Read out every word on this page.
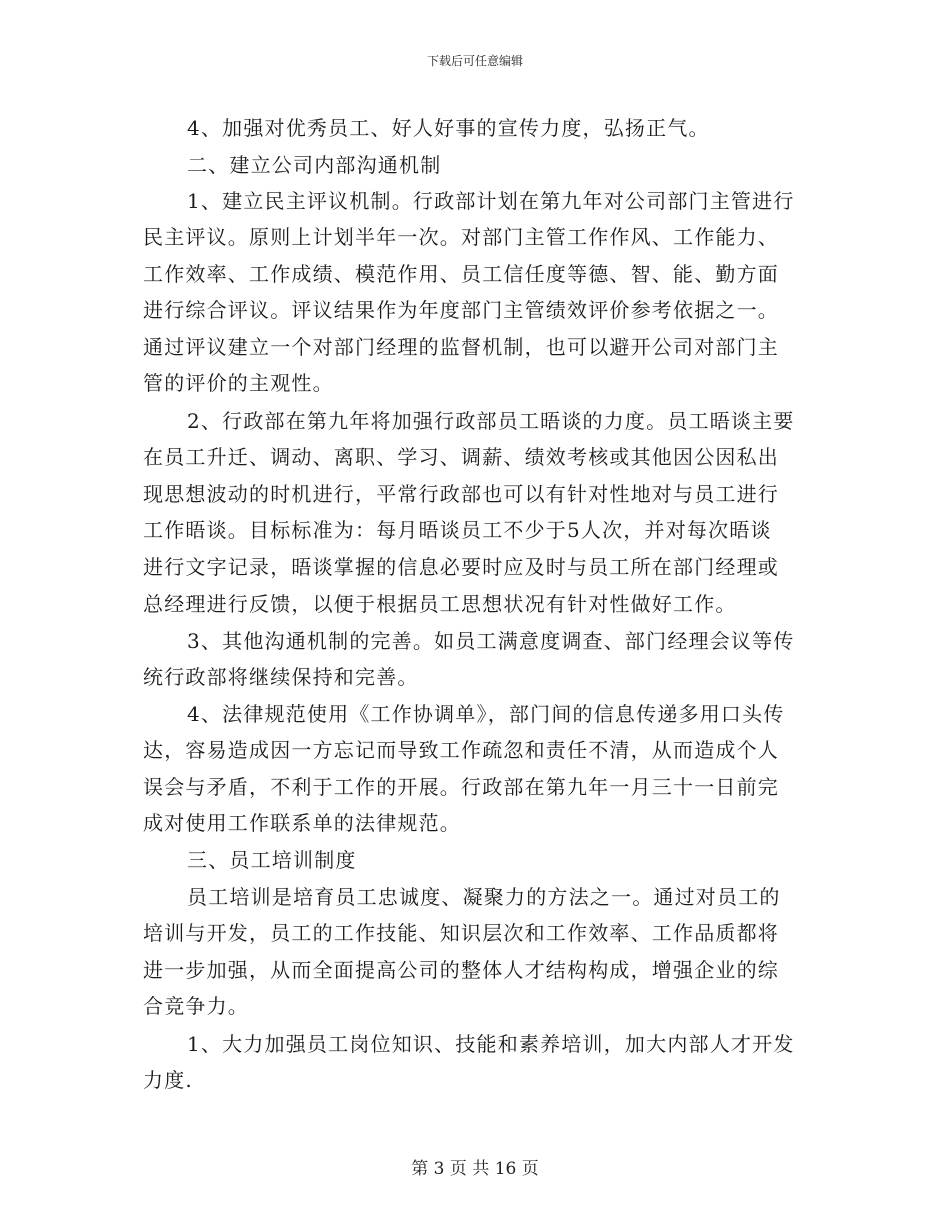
下载后可任意编辑
4、加强对优秀员工、好人好事的宣传力度，弘扬正气。
二、建立公司内部沟通机制
1、建立民主评议机制。行政部计划在第九年对公司部门主管进行
民主评议。原则上计划半年一次。对部门主管工作作风、工作能力、
工作效率、工作成绩、模范作用、员工信任度等德、智、能、勤方面
进行综合评议。评议结果作为年度部门主管绩效评价参考依据之一。
通过评议建立一个对部门经理的监督机制，也可以避开公司对部门主
管的评价的主观性。
2、行政部在第九年将加强行政部员工晤谈的力度。员工晤谈主要
在员工升迁、调动、离职、学习、调薪、绩效考核或其他因公因私出
现思想波动的时机进行，平常行政部也可以有针对性地对与员工进行
工作晤谈。目标标准为：每月晤谈员工不少于5人次，并对每次晤谈
进行文字记录，晤谈掌握的信息必要时应及时与员工所在部门经理或
总经理进行反馈，以便于根据员工思想状况有针对性做好工作。
3、其他沟通机制的完善。如员工满意度调查、部门经理会议等传
统行政部将继续保持和完善。
4、法律规范使用《工作协调单》，部门间的信息传递多用口头传
达，容易造成因一方忘记而导致工作疏忽和责任不清，从而造成个人
误会与矛盾，不利于工作的开展。行政部在第九年一月三十一日前完
成对使用工作联系单的法律规范。
三、员工培训制度
员工培训是培育员工忠诚度、凝聚力的方法之一。通过对员工的
培训与开发，员工的工作技能、知识层次和工作效率、工作品质都将
进一步加强，从而全面提高公司的整体人才结构构成，增强企业的综
合竞争力。
1、大力加强员工岗位知识、技能和素养培训，加大内部人才开发
力度.
第 3 页 共 16 页
